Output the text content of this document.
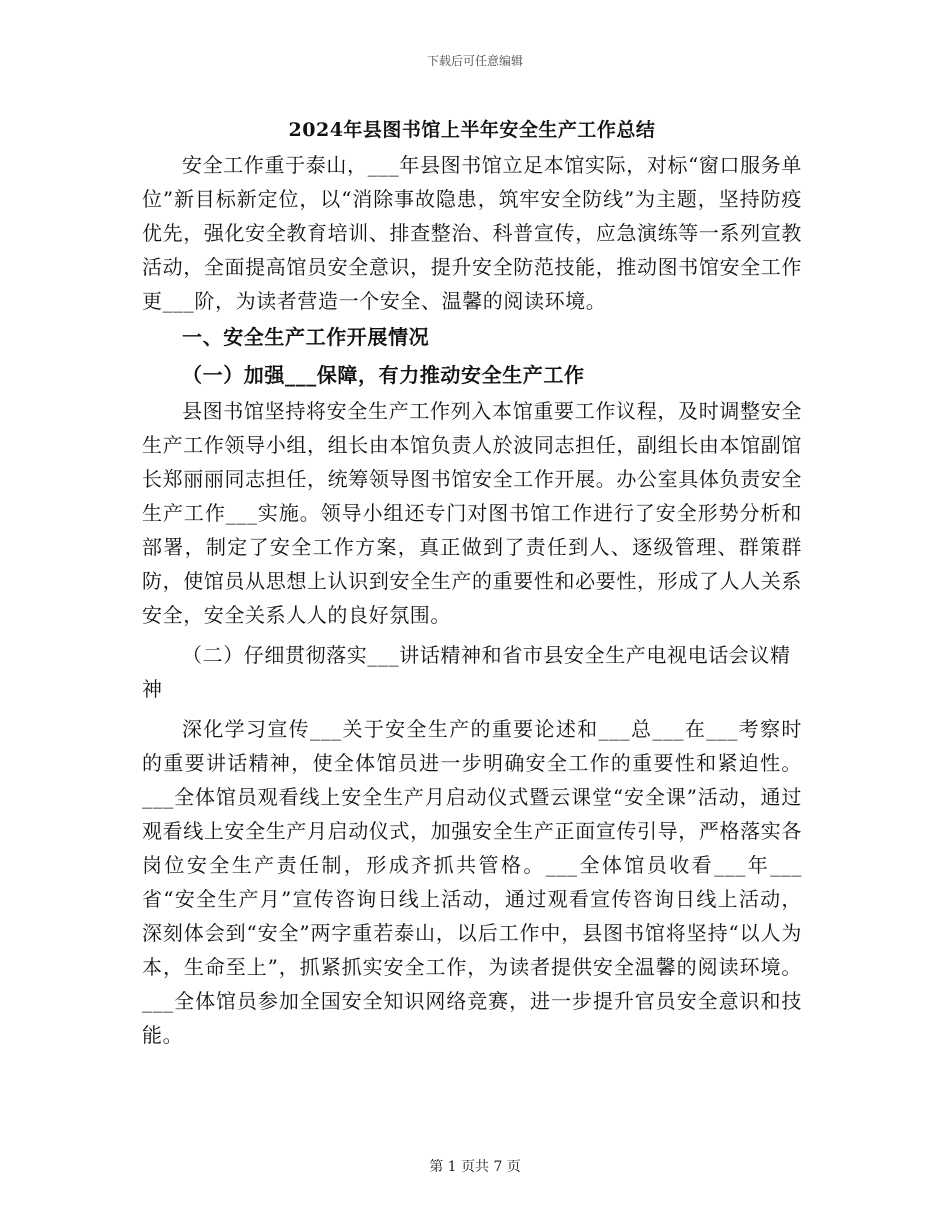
下载后可任意编辑

2024年县图书馆上半年安全生产工作总结

安全工作重于泰山，___年县图书馆立足本馆实际，对标“窗口服务单位”新目标新定位，以“消除事故隐患，筑牢安全防线”为主题，坚持防疫优先，强化安全教育培训、排查整治、科普宣传，应急演练等一系列宣教活动，全面提高馆员安全意识，提升安全防范技能，推动图书馆安全工作更___阶，为读者营造一个安全、温馨的阅读环境。

一、安全生产工作开展情况

（一）加强___保障，有力推动安全生产工作

县图书馆坚持将安全生产工作列入本馆重要工作议程，及时调整安全生产工作领导小组，组长由本馆负责人於波同志担任，副组长由本馆副馆长郑丽丽同志担任，统筹领导图书馆安全工作开展。办公室具体负责安全生产工作___实施。领导小组还专门对图书馆工作进行了安全形势分析和部署，制定了安全工作方案，真正做到了责任到人、逐级管理、群策群防，使馆员从思想上认识到安全生产的重要性和必要性，形成了人人关系安全，安全关系人人的良好氛围。

（二）仔细贯彻落实___讲话精神和省市县安全生产电视电话会议精神

深化学习宣传___关于安全生产的重要论述和___总___在___考察时的重要讲话精神，使全体馆员进一步明确安全工作的重要性和紧迫性。___全体馆员观看线上安全生产月启动仪式暨云课堂“安全课”活动，通过观看线上安全生产月启动仪式，加强安全生产正面宣传引导，严格落实各岗位安全生产责任制，形成齐抓共管格。___全体馆员收看___年___省“安全生产月”宣传咨询日线上活动，通过观看宣传咨询日线上活动，深刻体会到“安全”两字重若泰山，以后工作中，县图书馆将坚持“以人为本，生命至上”，抓紧抓实安全工作，为读者提供安全温馨的阅读环境。___全体馆员参加全国安全知识网络竞赛，进一步提升官员安全意识和技能。

第 1 页共 7 页
